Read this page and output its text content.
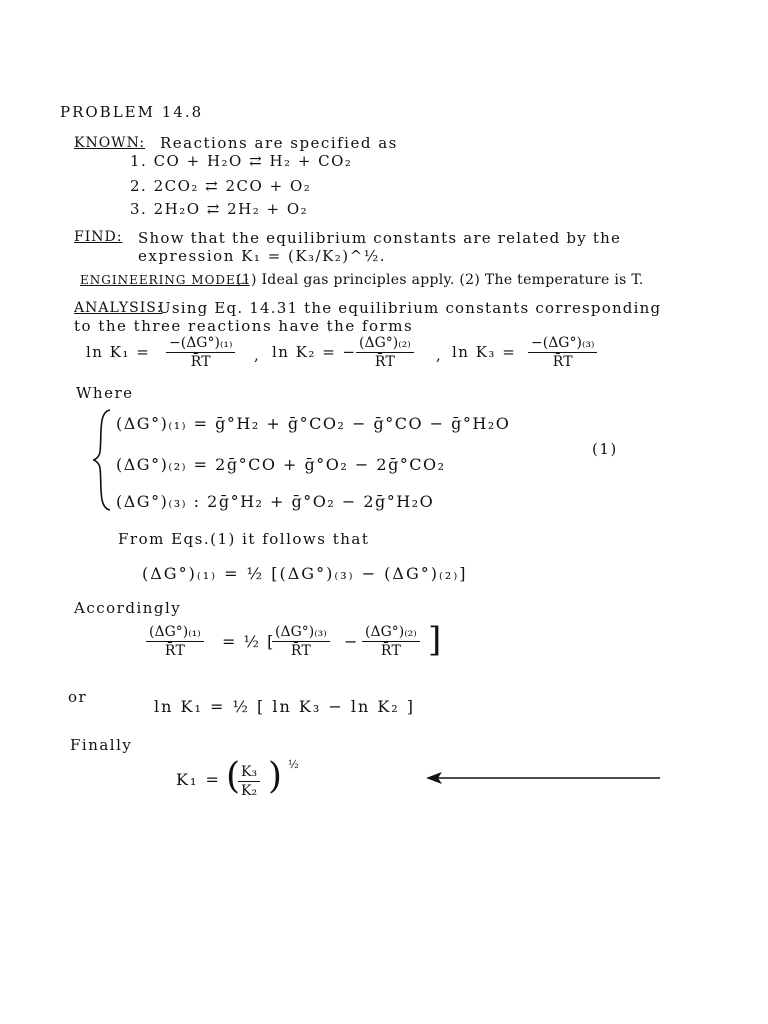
PROBLEM 14.8
KNOWN: Reactions are specified as
1. CO + H₂O ⇄ H₂ + CO₂
2. 2CO₂ ⇄ 2CO + O₂
3. 2H₂O ⇄ 2H₂ + O₂
FIND: Show that the equilibrium constants are related by the
expression K₁ = (K₃/K₂)^½.
ENGINEERING MODEL:
(1) Ideal gas principles apply. (2) The temperature is T.
ANALYSIS:
Using Eq. 14.31 the equilibrium constants corresponding
to the three reactions have the forms
$\ln K_1 = \frac{\text{−(ΔG°)₍₁₎}}{R̄T}$ , ln K₂ = − $\frac{\text{(ΔG°)₍₂₎}}{R̄T}$ , $\ln K_3 = \frac{\text{−(ΔG°)₍₃₎}}{R̄T}$
Where
(ΔG°)₍₁₎ = ḡ°H₂ + ḡ°CO₂ − ḡ°CO − ḡ°H₂O
(ΔG°)₍₂₎ = 2ḡ°CO + ḡ°O₂ − 2ḡ°CO₂
(ΔG°)₍₃₎ : 2ḡ°H₂ + ḡ°O₂ − 2ḡ°H₂O
(1)
From Eqs.(1) it follows that
(ΔG°)₍₁₎ = ½ [(ΔG°)₍₃₎ − (ΔG°)₍₂₎]
Accordingly
$\frac{\text{(ΔG°)₍₁₎}}{R̄T}$ = ½ [
$\frac{\text{(ΔG°)₍₃₎}}{R̄T} - \frac{\text{(ΔG°)₍₂₎}}{R̄T}$ ]
or	ln K₁ = ½ [ ln K₃ − ln K₂ ]
Finally
K₁ = (
$\frac{\text{K₃}}{\text{K₂}}$ ) ½
